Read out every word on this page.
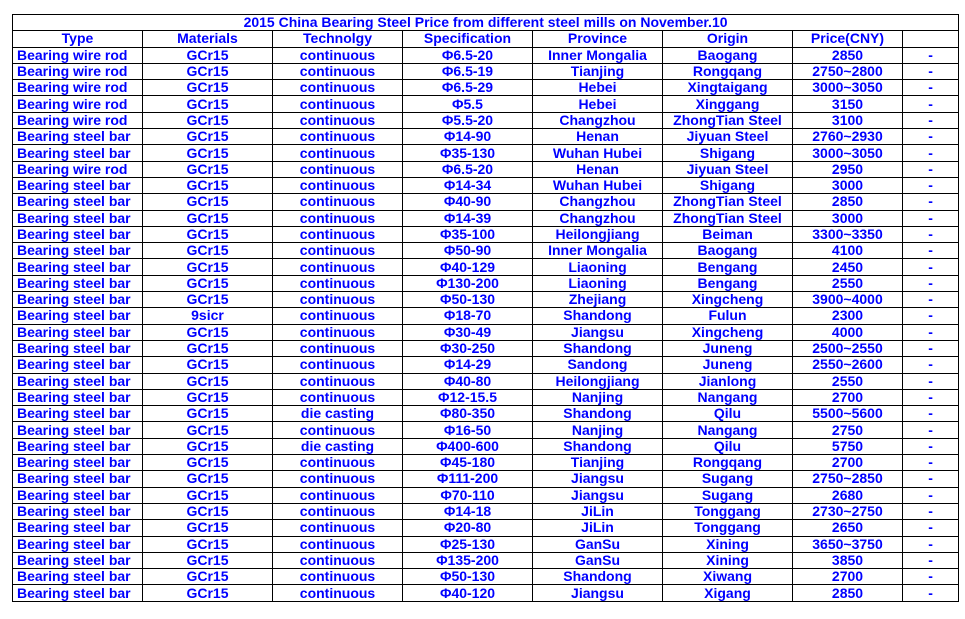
2015 China Bearing Steel Price from different steel mills on November.10							
Type	Materials	Technolgy	Specification	Province	Origin	Price(CNY)	
Bearing wire rod	GCr15	continuous	Φ6.5-20	Inner Mongalia	Baogang	2850	-
Bearing wire rod	GCr15	continuous	Φ6.5-19	Tianjing	Rongqang	2750~2800	-
Bearing wire rod	GCr15	continuous	Φ6.5-29	Hebei	Xingtaigang	3000~3050	-
Bearing wire rod	GCr15	continuous	Φ5.5	Hebei	Xinggang	3150	-
Bearing wire rod	GCr15	continuous	Φ5.5-20	Changzhou	ZhongTian Steel	3100	-
Bearing steel bar	GCr15	continuous	Φ14-90	Henan	Jiyuan Steel	2760~2930	-
Bearing steel bar	GCr15	continuous	Φ35-130	Wuhan Hubei	Shigang	3000~3050	-
Bearing wire rod	GCr15	continuous	Φ6.5-20	Henan	Jiyuan Steel	2950	-
Bearing steel bar	GCr15	continuous	Φ14-34	Wuhan Hubei	Shigang	3000	-
Bearing steel bar	GCr15	continuous	Φ40-90	Changzhou	ZhongTian Steel	2850	-
Bearing steel bar	GCr15	continuous	Φ14-39	Changzhou	ZhongTian Steel	3000	-
Bearing steel bar	GCr15	continuous	Φ35-100	Heilongjiang	Beiman	3300~3350	-
Bearing steel bar	GCr15	continuous	Φ50-90	Inner Mongalia	Baogang	4100	-
Bearing steel bar	GCr15	continuous	Φ40-129	Liaoning	Bengang	2450	-
Bearing steel bar	GCr15	continuous	Φ130-200	Liaoning	Bengang	2550	-
Bearing steel bar	GCr15	continuous	Φ50-130	Zhejiang	Xingcheng	3900~4000	-
Bearing steel bar	9sicr	continuous	Φ18-70	Shandong	Fulun	2300	-
Bearing steel bar	GCr15	continuous	Φ30-49	Jiangsu	Xingcheng	4000	-
Bearing steel bar	GCr15	continuous	Φ30-250	Shandong	Juneng	2500~2550	-
Bearing steel bar	GCr15	continuous	Φ14-29	Sandong	Juneng	2550~2600	-
Bearing steel bar	GCr15	continuous	Φ40-80	Heilongjiang	Jianlong	2550	-
Bearing steel bar	GCr15	continuous	Φ12-15.5	Nanjing	Nangang	2700	-
Bearing steel bar	GCr15	die casting	Φ80-350	Shandong	Qilu	5500~5600	-
Bearing steel bar	GCr15	continuous	Φ16-50	Nanjing	Nangang	2750	-
Bearing steel bar	GCr15	die casting	Φ400-600	Shandong	Qilu	5750	-
Bearing steel bar	GCr15	continuous	Φ45-180	Tianjing	Rongqang	2700	-
Bearing steel bar	GCr15	continuous	Φ111-200	Jiangsu	Sugang	2750~2850	-
Bearing steel bar	GCr15	continuous	Φ70-110	Jiangsu	Sugang	2680	-
Bearing steel bar	GCr15	continuous	Φ14-18	JiLin	Tonggang	2730~2750	-
Bearing steel bar	GCr15	continuous	Φ20-80	JiLin	Tonggang	2650	-
Bearing steel bar	GCr15	continuous	Φ25-130	GanSu	Xining	3650~3750	-
Bearing steel bar	GCr15	continuous	Φ135-200	GanSu	Xining	3850	-
Bearing steel bar	GCr15	continuous	Φ50-130	Shandong	Xiwang	2700	-
Bearing steel bar	GCr15	continuous	Φ40-120	Jiangsu	Xigang	2850	-
